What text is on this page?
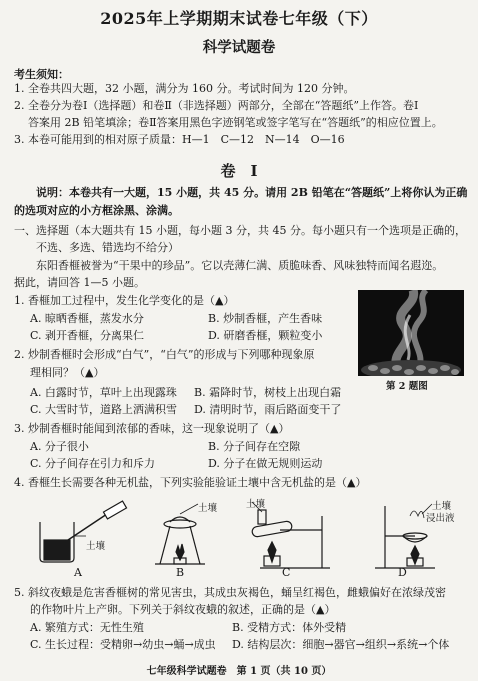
2025年上学期期末试卷七年级（下）
科学试题卷
考生须知：
1. 全卷共四大题，32 小题，满分为 160 分。考试时间为 120 分钟。
2. 全卷分为卷Ⅰ（选择题）和卷Ⅱ（非选择题）两部分，全部在“答题纸”上作答。卷Ⅰ
答案用 2B 铅笔填涂；卷Ⅱ答案用黑色字迹钢笔或签字笔写在“答题纸”的相应位置上。
3. 本卷可能用到的相对原子质量：H—1　C—12　N—14　O—16
卷　Ⅰ
说明：本卷共有一大题，15 小题，共 45 分。请用 2B 铅笔在“答题纸”上将你认为正确
的选项对应的小方框涂黑、涂满。
一、选择题（本大题共有 15 小题，每小题 3 分，共 45 分。每小题只有一个选项是正确的，
不选、多选、错选均不给分）
东阳香榧被誉为“干果中的珍品”。它以壳薄仁满、质脆味香、风味独特而闻名遐迩。
据此，请回答 1—5 小题。
1. 香榧加工过程中，发生化学变化的是（▲）
A. 晾晒香榧，蒸发水分	B. 炒制香榧，产生香味
C. 剥开香榧，分离果仁	D. 研磨香榧，颗粒变小
第 2 题图
2. 炒制香榧时会形成“白气”，“白气”的形成与下列哪种现象原
理相同？（▲）
A. 白露时节，草叶上出现露珠 B. 霜降时节，树枝上出现白霜
C. 大雪时节，道路上洒满积雪 D. 清明时节，雨后路面变干了
3. 炒制香榧时能闻到浓郁的香味，这一现象说明了（▲）
A. 分子很小	B. 分子间存在空隙
C. 分子间存在引力和斥力	D. 分子在做无规则运动
4. 香榧生长需要各种无机盐，下列实验能验证土壤中含无机盐的是（▲）
土壤
土壤	土壤	土壤
浸出液
A	B	C	D
5. 斜纹夜蛾是危害香榧树的常见害虫，其成虫灰褐色，蛹呈红褐色，雌蛾偏好在浓绿茂密
的作物叶片上产卵。下列关于斜纹夜蛾的叙述，正确的是（▲）
A. 繁殖方式：无性生殖	B. 受精方式：体外受精
C. 生长过程：受精卵→幼虫→蛹→成虫 D. 结构层次：细胞→器官→组织→系统→个体
七年级科学试题卷　第 1 页（共 10 页）
